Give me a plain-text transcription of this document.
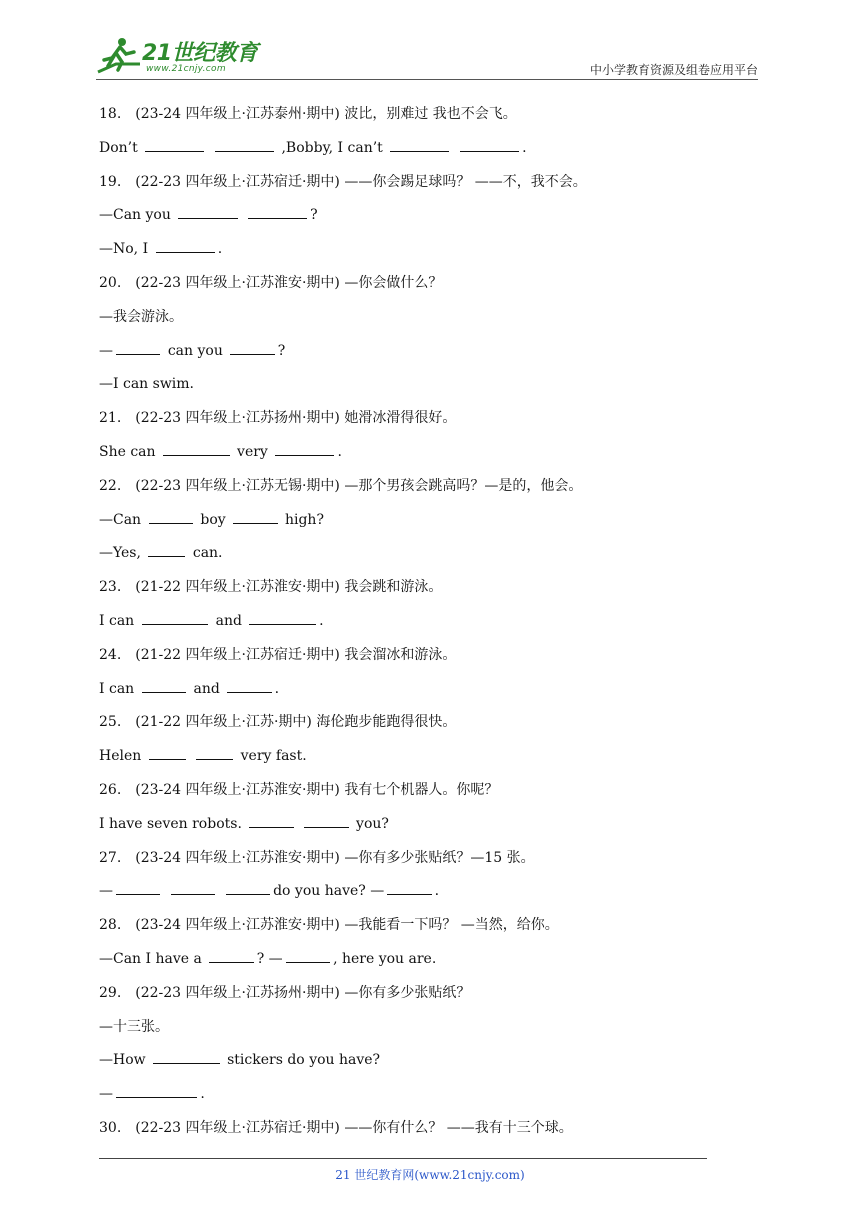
21世纪教育
www.21cnjy.com	中小学教育资源及组卷应用平台
18.　(23-24 四年级上·江苏泰州·期中) 波比，别难过 我也不会飞。
Don’t	,Bobby, I can’t	.
19.　(22-23 四年级上·江苏宿迁·期中) ——你会踢足球吗？ ——不，我不会。
—Can you	?
—No, I	.
20.　(22-23 四年级上·江苏淮安·期中) —你会做什么？
—我会游泳。
—	can you	?
—I can swim.
21.　(22-23 四年级上·江苏扬州·期中) 她滑冰滑得很好。
She can	very	.
22.　(22-23 四年级上·江苏无锡·期中) —那个男孩会跳高吗？—是的，他会。
—Can	boy	high?
—Yes,	can.
23.　(21-22 四年级上·江苏淮安·期中) 我会跳和游泳。
I can	and	.
24.　(21-22 四年级上·江苏宿迁·期中) 我会溜冰和游泳。
I can	and	.
25.　(21-22 四年级上·江苏·期中) 海伦跑步能跑得很快。
Helen	very fast.
26.　(23-24 四年级上·江苏淮安·期中) 我有七个机器人。你呢？
I have seven robots.	you?
27.　(23-24 四年级上·江苏淮安·期中) —你有多少张贴纸？—15 张。
—	do you have? —	.
28.　(23-24 四年级上·江苏淮安·期中) —我能看一下吗？ —当然，给你。
—Can I have a	? —	, here you are.
29.　(22-23 四年级上·江苏扬州·期中) —你有多少张贴纸？
—十三张。
—How	stickers do you have?
—	.
30.　(22-23 四年级上·江苏宿迁·期中) ——你有什么？ ——我有十三个球。
21 世纪教育网(www.21cnjy.com)
